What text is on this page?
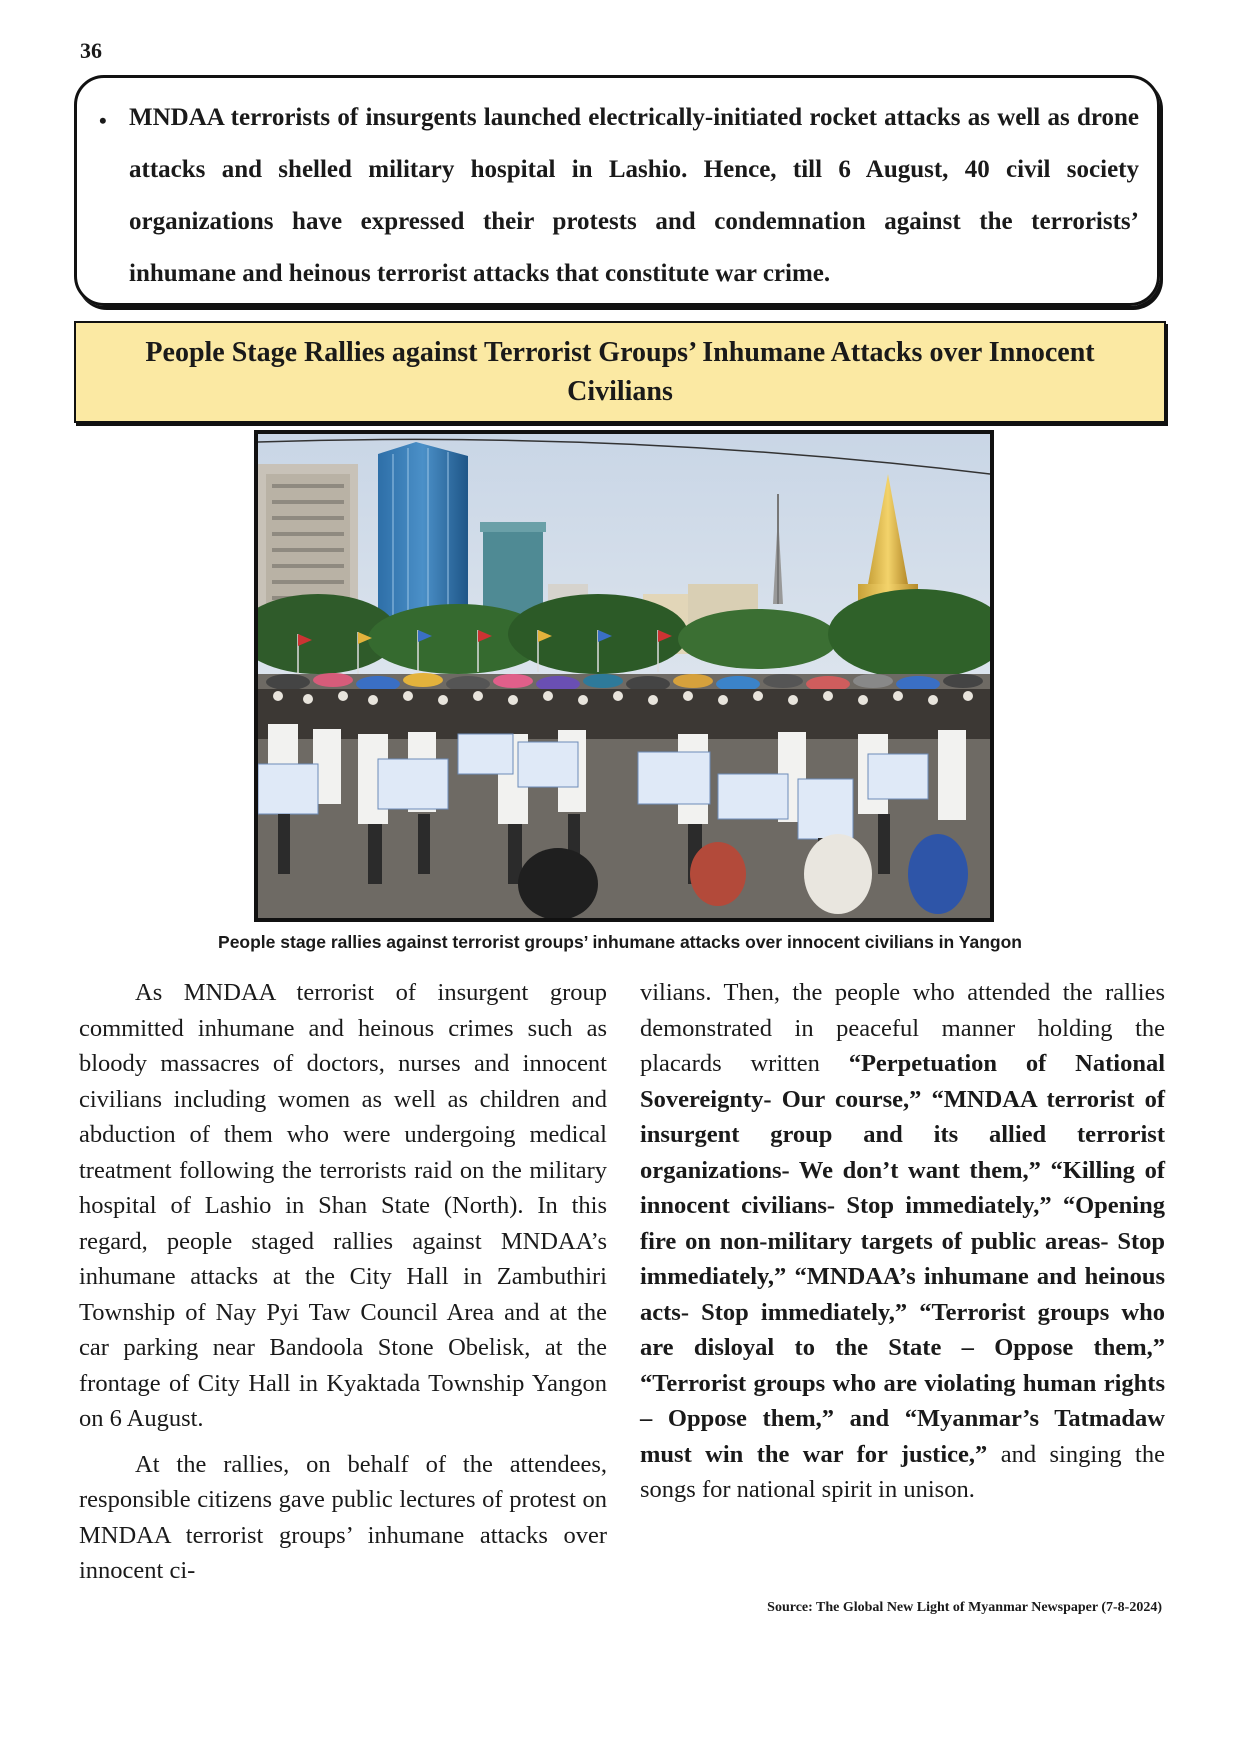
36
• MNDAA terrorists of insurgents launched electrically-initiated rocket attacks as well as drone attacks and shelled military hospital in Lashio. Hence, till 6 August, 40 civil society organizations have expressed their protests and condemnation against the terrorists’ inhumane and heinous terrorist attacks that constitute war crime.

People Stage Rallies against Terrorist Groups’ Inhumane Attacks over Innocent Civilians

People stage rallies against terrorist groups’ inhumane attacks over innocent civilians in Yangon

As MNDAA terrorist of insurgent group committed inhumane and heinous crimes such as bloody massacres of doctors, nurses and innocent civilians including women as well as children and abduction of them who were undergoing medical treatment following the terrorists raid on the military hospital of Lashio in Shan State (North). In this regard, people staged rallies against MNDAA’s inhumane attacks at the City Hall in Zambuthiri Township of Nay Pyi Taw Council Area and at the car parking near Bandoola Stone Obelisk, at the frontage of City Hall in Kyaktada Township Yangon on 6 August.

At the rallies, on behalf of the attendees, responsible citizens gave public lectures of protest on MNDAA terrorist groups’ inhumane attacks over innocent ci-

vilians. Then, the people who attended the rallies demonstrated in peaceful manner holding the placards written “Perpetuation of National Sovereignty- Our course,” “MNDAA terrorist of insurgent group and its allied terrorist organizations- We don’t want them,” “Killing of innocent civilians- Stop immediately,” “Opening fire on non-military targets of public areas- Stop immediately,” “MNDAA’s inhumane and heinous acts- Stop immediately,” “Terrorist groups who are disloyal to the State – Oppose them,” “Terrorist groups who are violating human rights – Oppose them,” and “Myanmar’s Tatmadaw must win the war for justice,” and singing the songs for national spirit in unison.

Source: The Global New Light of Myanmar Newspaper (7-8-2024)
